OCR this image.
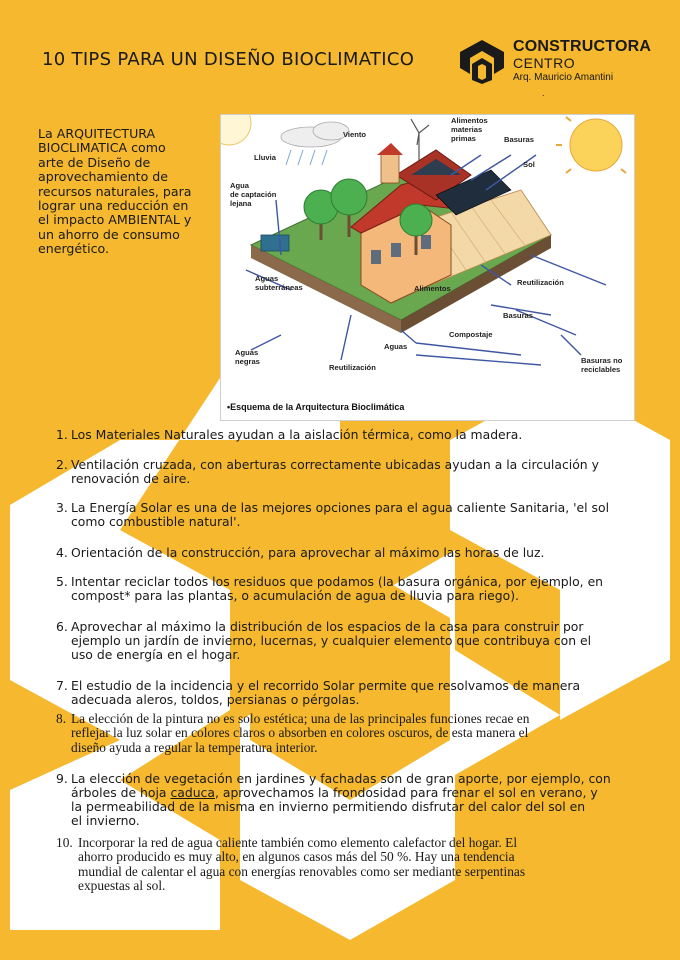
10 TIPS PARA UN DISEÑO BIOCLIMATICO
CONSTRUCTORA
CENTRO
Arq. Mauricio Amantini
.
La ARQUITECTURA
BIOCLIMATICA como
arte de Diseño de
aprovechamiento de
recursos naturales, para
lograr una reducción en
el impacto AMBIENTAL y
un ahorro de consumo
energético.
Viento
Alimentos
materias
primas	Basuras
Sol
Lluvia
Agua
de captación
lejana
Aguas
subterráneas	Alimentos
Reutilización
Basuras
Compostaje
Aguas
Aguas
negras
Reutilización
Basuras no
reciclables
•Esquema de la Arquitectura Bioclimática
1. Los Materiales Naturales ayudan a la aislación térmica, como la madera.
2. Ventilación cruzada, con aberturas correctamente ubicadas ayudan a la circulación y
renovación de aire.
3. La Energía Solar es una de las mejores opciones para el agua caliente Sanitaria, 'el sol
como combustible natural'.
4. Orientación de la construcción, para aprovechar al máximo las horas de luz.
5. Intentar reciclar todos los residuos que podamos (la basura orgánica, por ejemplo, en
compost* para las plantas, o acumulación de agua de lluvia para riego).
6. Aprovechar al máximo la distribución de los espacios de la casa para construir por
ejemplo un jardín de invierno, lucernas, y cualquier elemento que contribuya con el
uso de energía en el hogar.
7. El estudio de la incidencia y el recorrido Solar permite que resolvamos de manera
adecuada aleros, toldos, persianas o pérgolas.
8. La elección de la pintura no es solo estética; una de las principales funciones recae en
reflejar la luz solar en colores claros o absorben en colores oscuros, de esta manera el
diseño ayuda a regular la temperatura interior.
9. La elección de vegetación en jardines y fachadas son de gran aporte, por ejemplo, con
árboles de hoja caduca, aprovechamos la frondosidad para frenar el sol en verano, y
la permeabilidad de la misma en invierno permitiendo disfrutar del calor del sol en
el invierno.
10. Incorporar la red de agua caliente también como elemento calefactor del hogar. El
ahorro producido es muy alto, en algunos casos más del 50 %. Hay una tendencia
mundial de calentar el agua con energías renovables como ser mediante serpentinas
expuestas al sol.
